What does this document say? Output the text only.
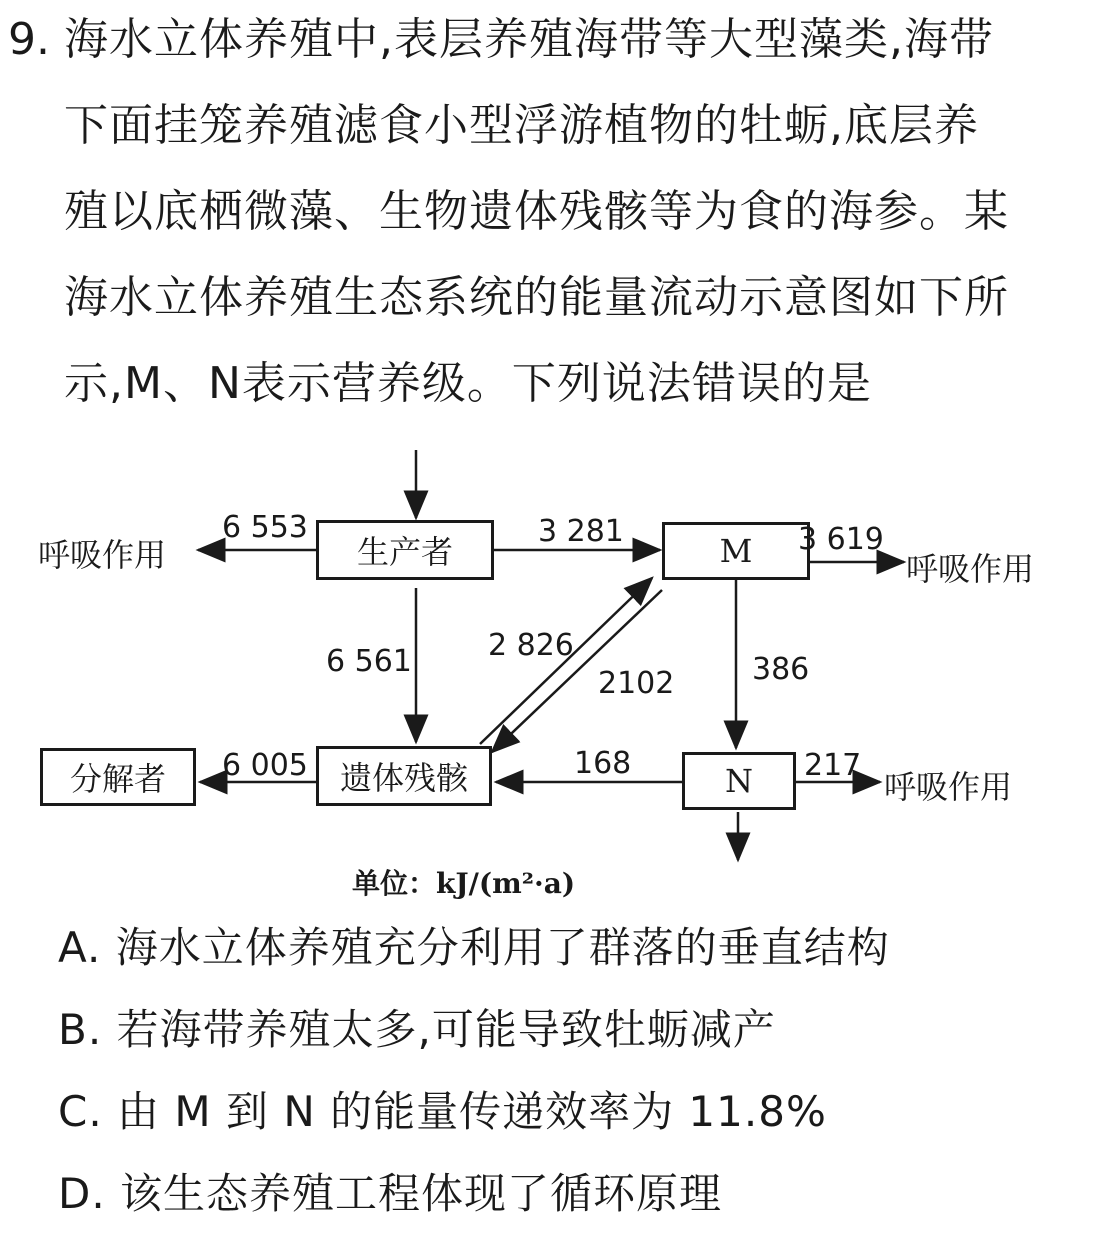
9. 海水立体养殖中,表层养殖海带等大型藻类,海带
下面挂笼养殖滤食小型浮游植物的牡蛎,底层养
殖以底栖微藻、生物遗体残骸等为食的海参。某
海水立体养殖生态系统的能量流动示意图如下所
示,M、N表示营养级。下列说法错误的是
生产者	M
N
遗体残骸
分解者
呼吸作用	呼吸作用
呼吸作用
6 553	3 281	3 619
6 561	2 826
2102	386
217
168
6 005
单位：kJ/(m²·a)
A. 海水立体养殖充分利用了群落的垂直结构
B. 若海带养殖太多,可能导致牡蛎减产
C. 由 M 到 N 的能量传递效率为 11.8%
D. 该生态养殖工程体现了循环原理
